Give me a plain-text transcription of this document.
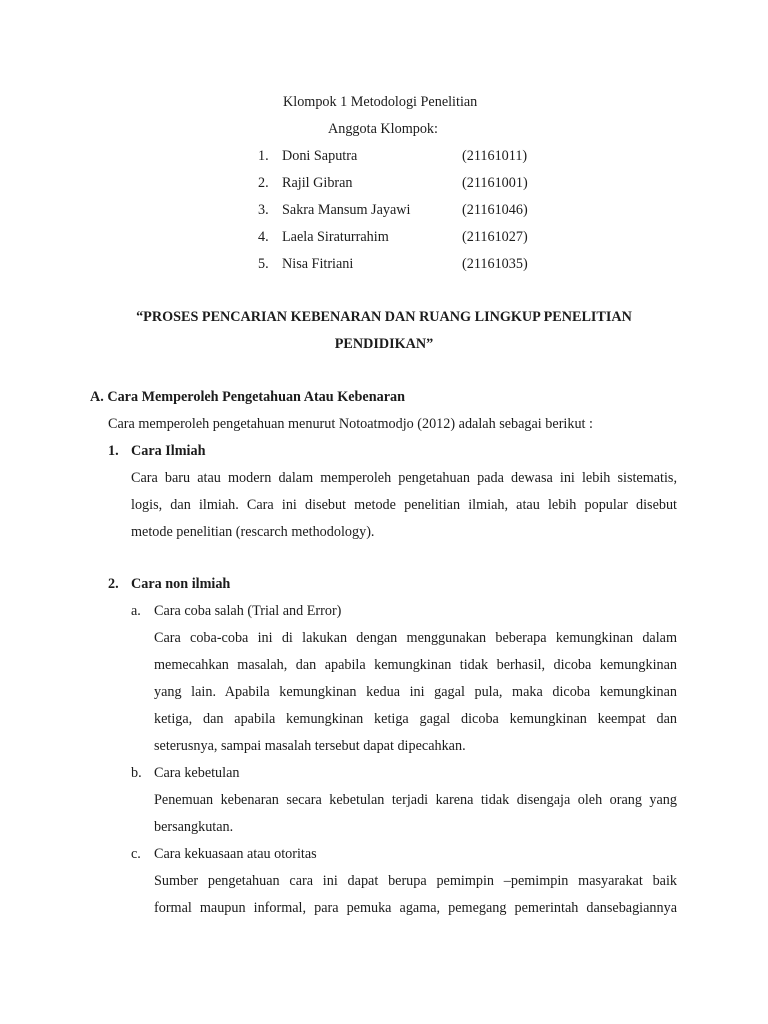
Klompok 1 Metodologi Penelitian
Anggota Klompok:
1. Doni Saputra	(21161011)
2. Rajil Gibran	(21161001)
3. Sakra Mansum Jayawi	(21161046)
4. Laela Siraturrahim	(21161027)
5. Nisa Fitriani	(21161035)
“PROSES PENCARIAN KEBENARAN DAN RUANG LINGKUP PENELITIAN
PENDIDIKAN”
A. Cara Memperoleh Pengetahuan Atau Kebenaran
Cara memperoleh pengetahuan menurut Notoatmodjo (2012) adalah sebagai berikut :
1. Cara Ilmiah
Cara baru atau modern dalam memperoleh pengetahuan pada dewasa ini lebih sistematis,
logis, dan ilmiah. Cara ini disebut metode penelitian ilmiah, atau lebih popular disebut
metode penelitian (rescarch methodology).
2. Cara non ilmiah
a. Cara coba salah (Trial and Error)
Cara coba-coba ini di lakukan dengan menggunakan beberapa kemungkinan dalam
memecahkan masalah, dan apabila kemungkinan tidak berhasil, dicoba kemungkinan
yang lain. Apabila kemungkinan kedua ini gagal pula, maka dicoba kemungkinan
ketiga, dan apabila kemungkinan ketiga gagal dicoba kemungkinan keempat dan
seterusnya, sampai masalah tersebut dapat dipecahkan.
b. Cara kebetulan
Penemuan kebenaran secara kebetulan terjadi karena tidak disengaja oleh orang yang
bersangkutan.
c. Cara kekuasaan atau otoritas
Sumber pengetahuan cara ini dapat berupa pemimpin –pemimpin masyarakat baik
formal maupun informal, para pemuka agama, pemegang pemerintah dansebagiannya
